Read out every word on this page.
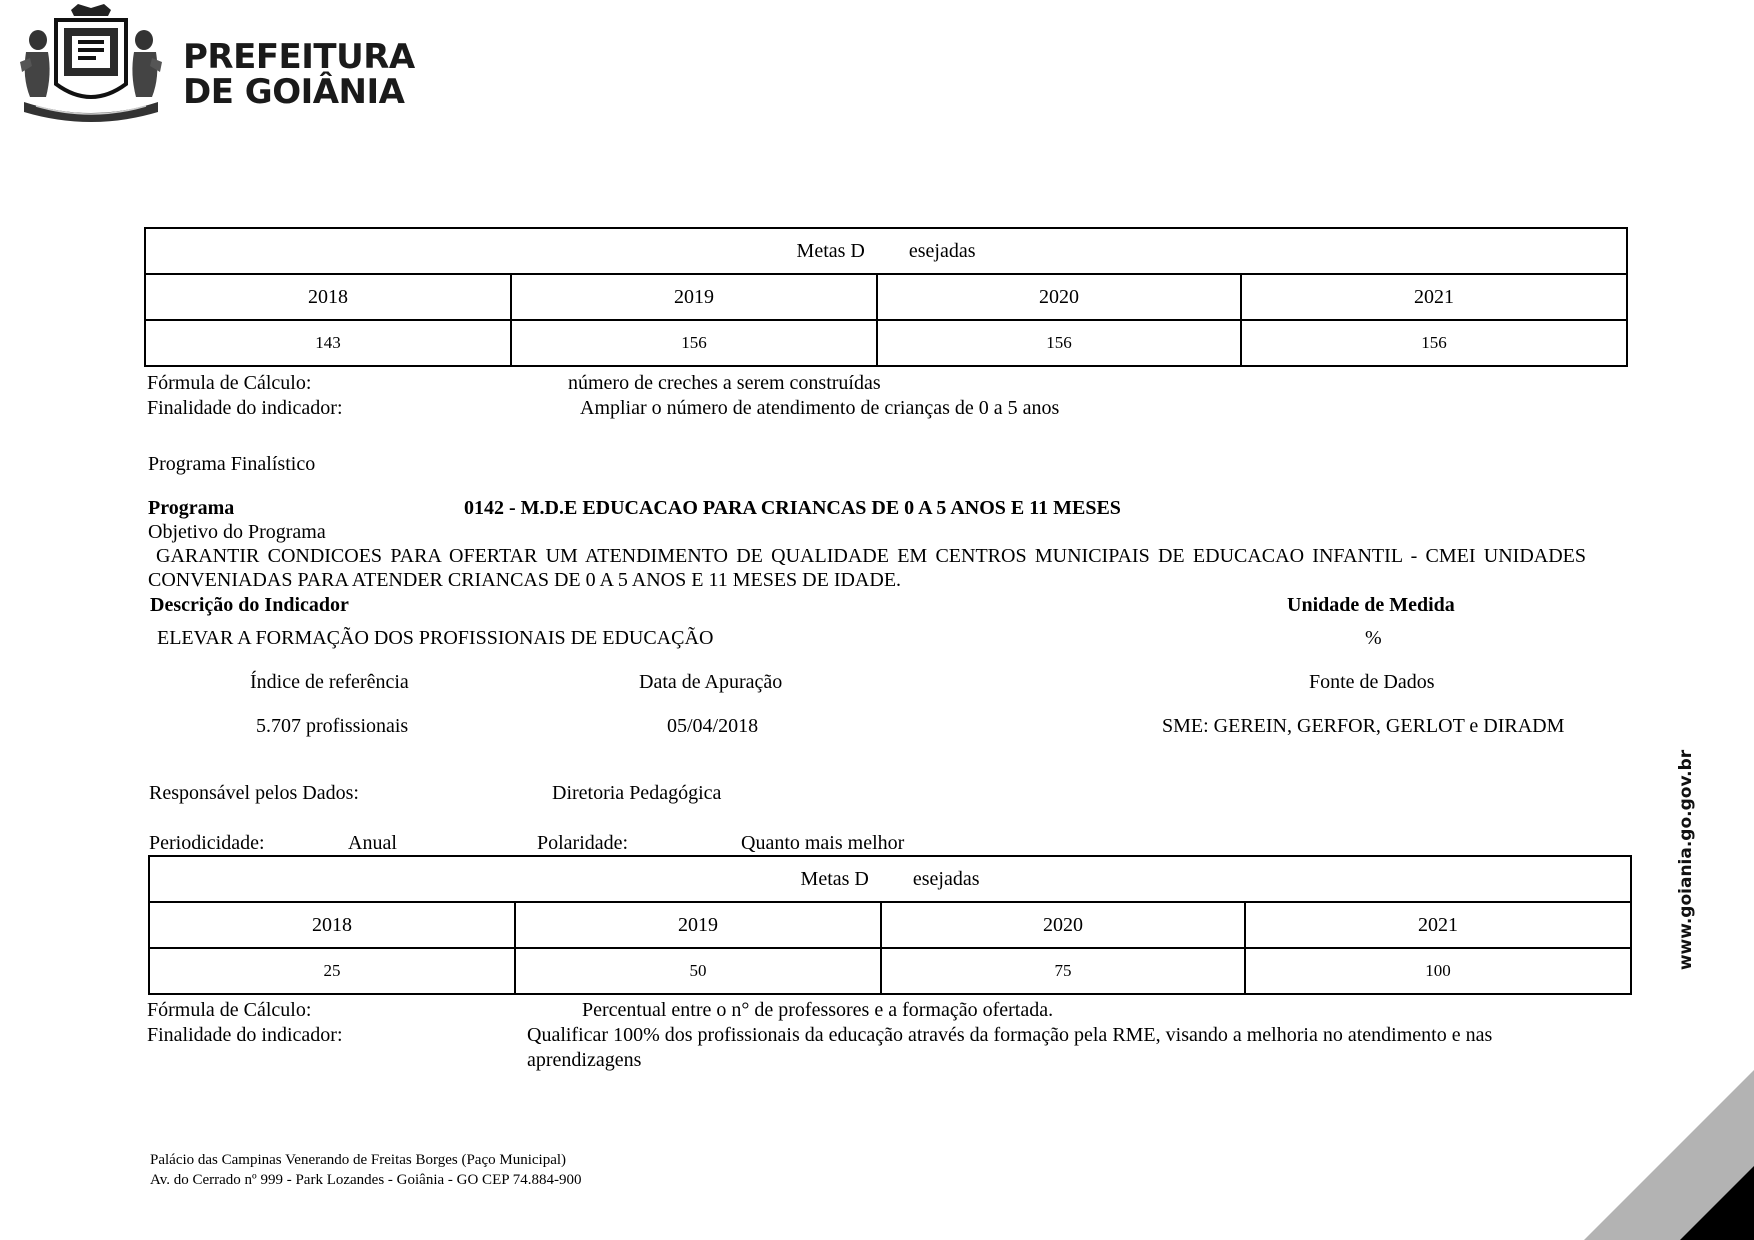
PREFEITURA
DE GOIÂNIA
Metas D esejadas			
2018	2019	2020	2021
143	156	156	156
Fórmula de Cálculo:	número de creches a serem construídas
Finalidade do indicador:	Ampliar o número de atendimento de crianças de 0 a 5 anos
Programa Finalístico
Programa	0142 - M.D.E EDUCACAO PARA CRIANCAS DE 0 A 5 ANOS E 11 MESES
Objetivo do Programa
GARANTIR CONDICOES PARA OFERTAR UM ATENDIMENTO DE QUALIDADE EM CENTROS MUNICIPAIS DE EDUCACAO INFANTIL - CMEI UNIDADES CONVENIADAS PARA ATENDER CRIANCAS DE 0 A 5 ANOS E 11 MESES DE IDADE.
Descrição do Indicador	Unidade de Medida
ELEVAR A FORMAÇÃO DOS PROFISSIONAIS DE EDUCAÇÃO	%
Índice de referência	Data de Apuração	Fonte de Dados
5.707 profissionais	05/04/2018	SME: GEREIN, GERFOR, GERLOT e DIRADM
Responsável pelos Dados:	Diretoria Pedagógica
Periodicidade:	Anual	Polaridade:	Quanto mais melhor
Metas D esejadas			
2018	2019	2020	2021
25	50	75	100
Fórmula de Cálculo:	Percentual entre o n° de professores e a formação ofertada.
Finalidade do indicador:	Qualificar 100% dos profissionais da educação através da formação pela RME, visando a melhoria no atendimento e nas aprendizagens
Palácio das Campinas Venerando de Freitas Borges (Paço Municipal)
Av. do Cerrado nº 999 - Park Lozandes - Goiânia - GO CEP 74.884-900
www.goiania.go.gov.br
